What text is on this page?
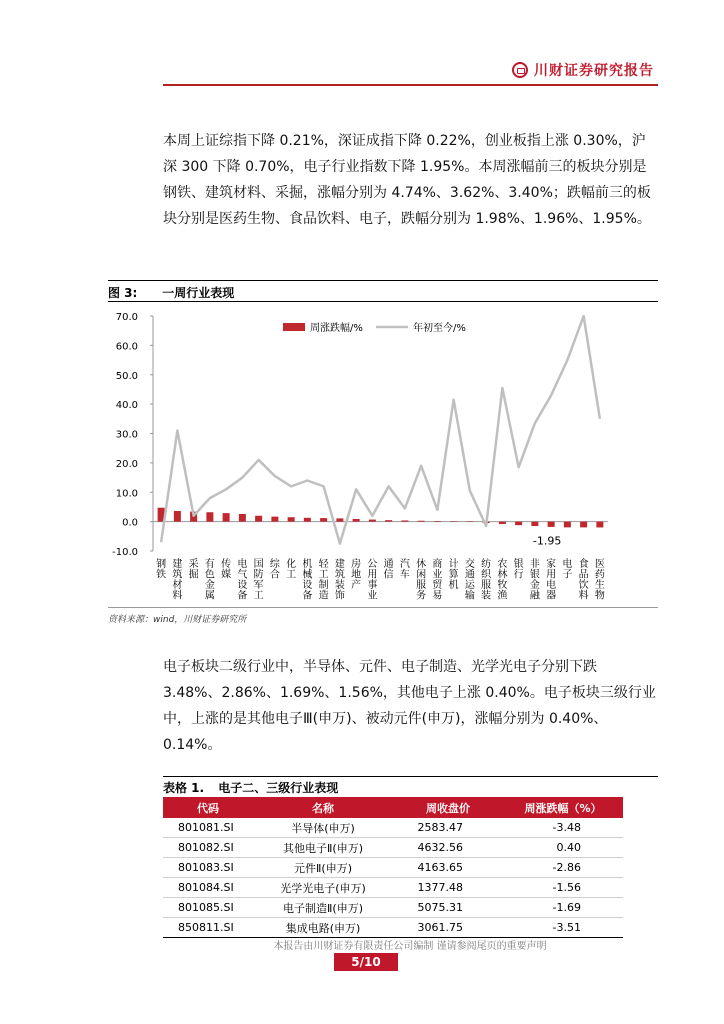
川财证券研究报告
本周上证综指下降 0.21%，深证成指下降 0.22%，创业板指上涨 0.30%，沪深 300 下降 0.70%，电子行业指数下降 1.95%。本周涨幅前三的板块分别是钢铁、建筑材料、采掘，涨幅分别为 4.74%、3.62%、3.40%；跌幅前三的板块分别是医药生物、食品饮料、电子，跌幅分别为 1.98%、1.96%、1.95%。
图 3: 一周行业表现
70.0
60.0
50.0
40.0
30.0
20.0
10.0
0.0
-10.0
周涨跌幅/%	年初至今/%
-1.95
钢铁
建筑材料
采掘
有色金属
传媒
电气设备
国防军工
综合
化工
机械设备
轻工制造
建筑装饰
房地产
公用事业
通信
汽车
休闲服务
商业贸易
计算机
交通运输
纺织服装
农林牧渔
银行
非银金融
家用电器
电子
食品饮料
医药生物
资料来源：wind，川财证券研究所
电子板块二级行业中，半导体、元件、电子制造、光学光电子分别下跌 3.48%、2.86%、1.69%、1.56%，其他电子上涨 0.40%。电子板块三级行业中，上涨的是其他电子Ⅲ(申万)、被动元件(申万)，涨幅分别为 0.40%、0.14%。
表格 1. 电子二、三级行业表现
代码	名称	周收盘价	周涨跌幅（%）
801081.SI	半导体(申万)	2583.47	-3.48
801082.SI	其他电子Ⅱ(申万)	4632.56	0.40
801083.SI	元件Ⅱ(申万)	4163.65	-2.86
801084.SI	光学光电子(申万)	1377.48	-1.56
801085.SI	电子制造Ⅱ(申万)	5075.31	-1.69
850811.SI	集成电路(申万)	3061.75	-3.51
本报告由川财证券有限责任公司编制 谨请参阅尾页的重要声明
5/10
